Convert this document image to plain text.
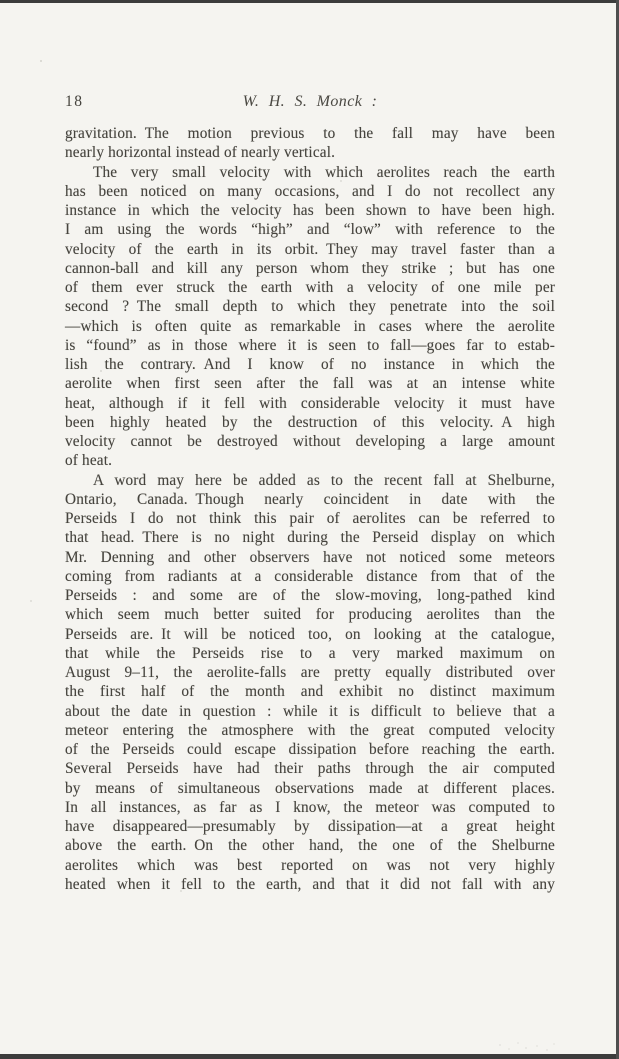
18	W. H. S. Monck :
gravitation. The motion previous to the fall may have been
nearly horizontal instead of nearly vertical.
The very small velocity with which aerolites reach the earth
has been noticed on many occasions, and I do not recollect any
instance in which the velocity has been shown to have been high.
I am using the words “high” and “low” with reference to the
velocity of the earth in its orbit. They may travel faster than a
cannon-ball and kill any person whom they strike ; but has one
of them ever struck the earth with a velocity of one mile per
second ? The small depth to which they penetrate into the soil
—which is often quite as remarkable in cases where the aerolite
is “found” as in those where it is seen to fall—goes far to estab-
lish the contrary. And I know of no instance in which the
aerolite when first seen after the fall was at an intense white
heat, although if it fell with considerable velocity it must have
been highly heated by the destruction of this velocity. A high
velocity cannot be destroyed without developing a large amount
of heat.
A word may here be added as to the recent fall at Shelburne,
Ontario, Canada. Though nearly coincident in date with the
Perseids I do not think this pair of aerolites can be referred to
that head. There is no night during the Perseid display on which
Mr. Denning and other observers have not noticed some meteors
coming from radiants at a considerable distance from that of the
Perseids : and some are of the slow-moving, long-pathed kind
which seem much better suited for producing aerolites than the
Perseids are. It will be noticed too, on looking at the catalogue,
that while the Perseids rise to a very marked maximum on
August 9–11, the aerolite-falls are pretty equally distributed over
the first half of the month and exhibit no distinct maximum
about the date in question : while it is difficult to believe that a
meteor entering the atmosphere with the great computed velocity
of the Perseids could escape dissipation before reaching the earth.
Several Perseids have had their paths through the air computed
by means of simultaneous observations made at different places.
In all instances, as far as I know, the meteor was computed to
have disappeared—presumably by dissipation—at a great height
above the earth. On the other hand, the one of the Shelburne
aerolites which was best reported on was not very highly
heated when it fell to the earth, and that it did not fall with any
